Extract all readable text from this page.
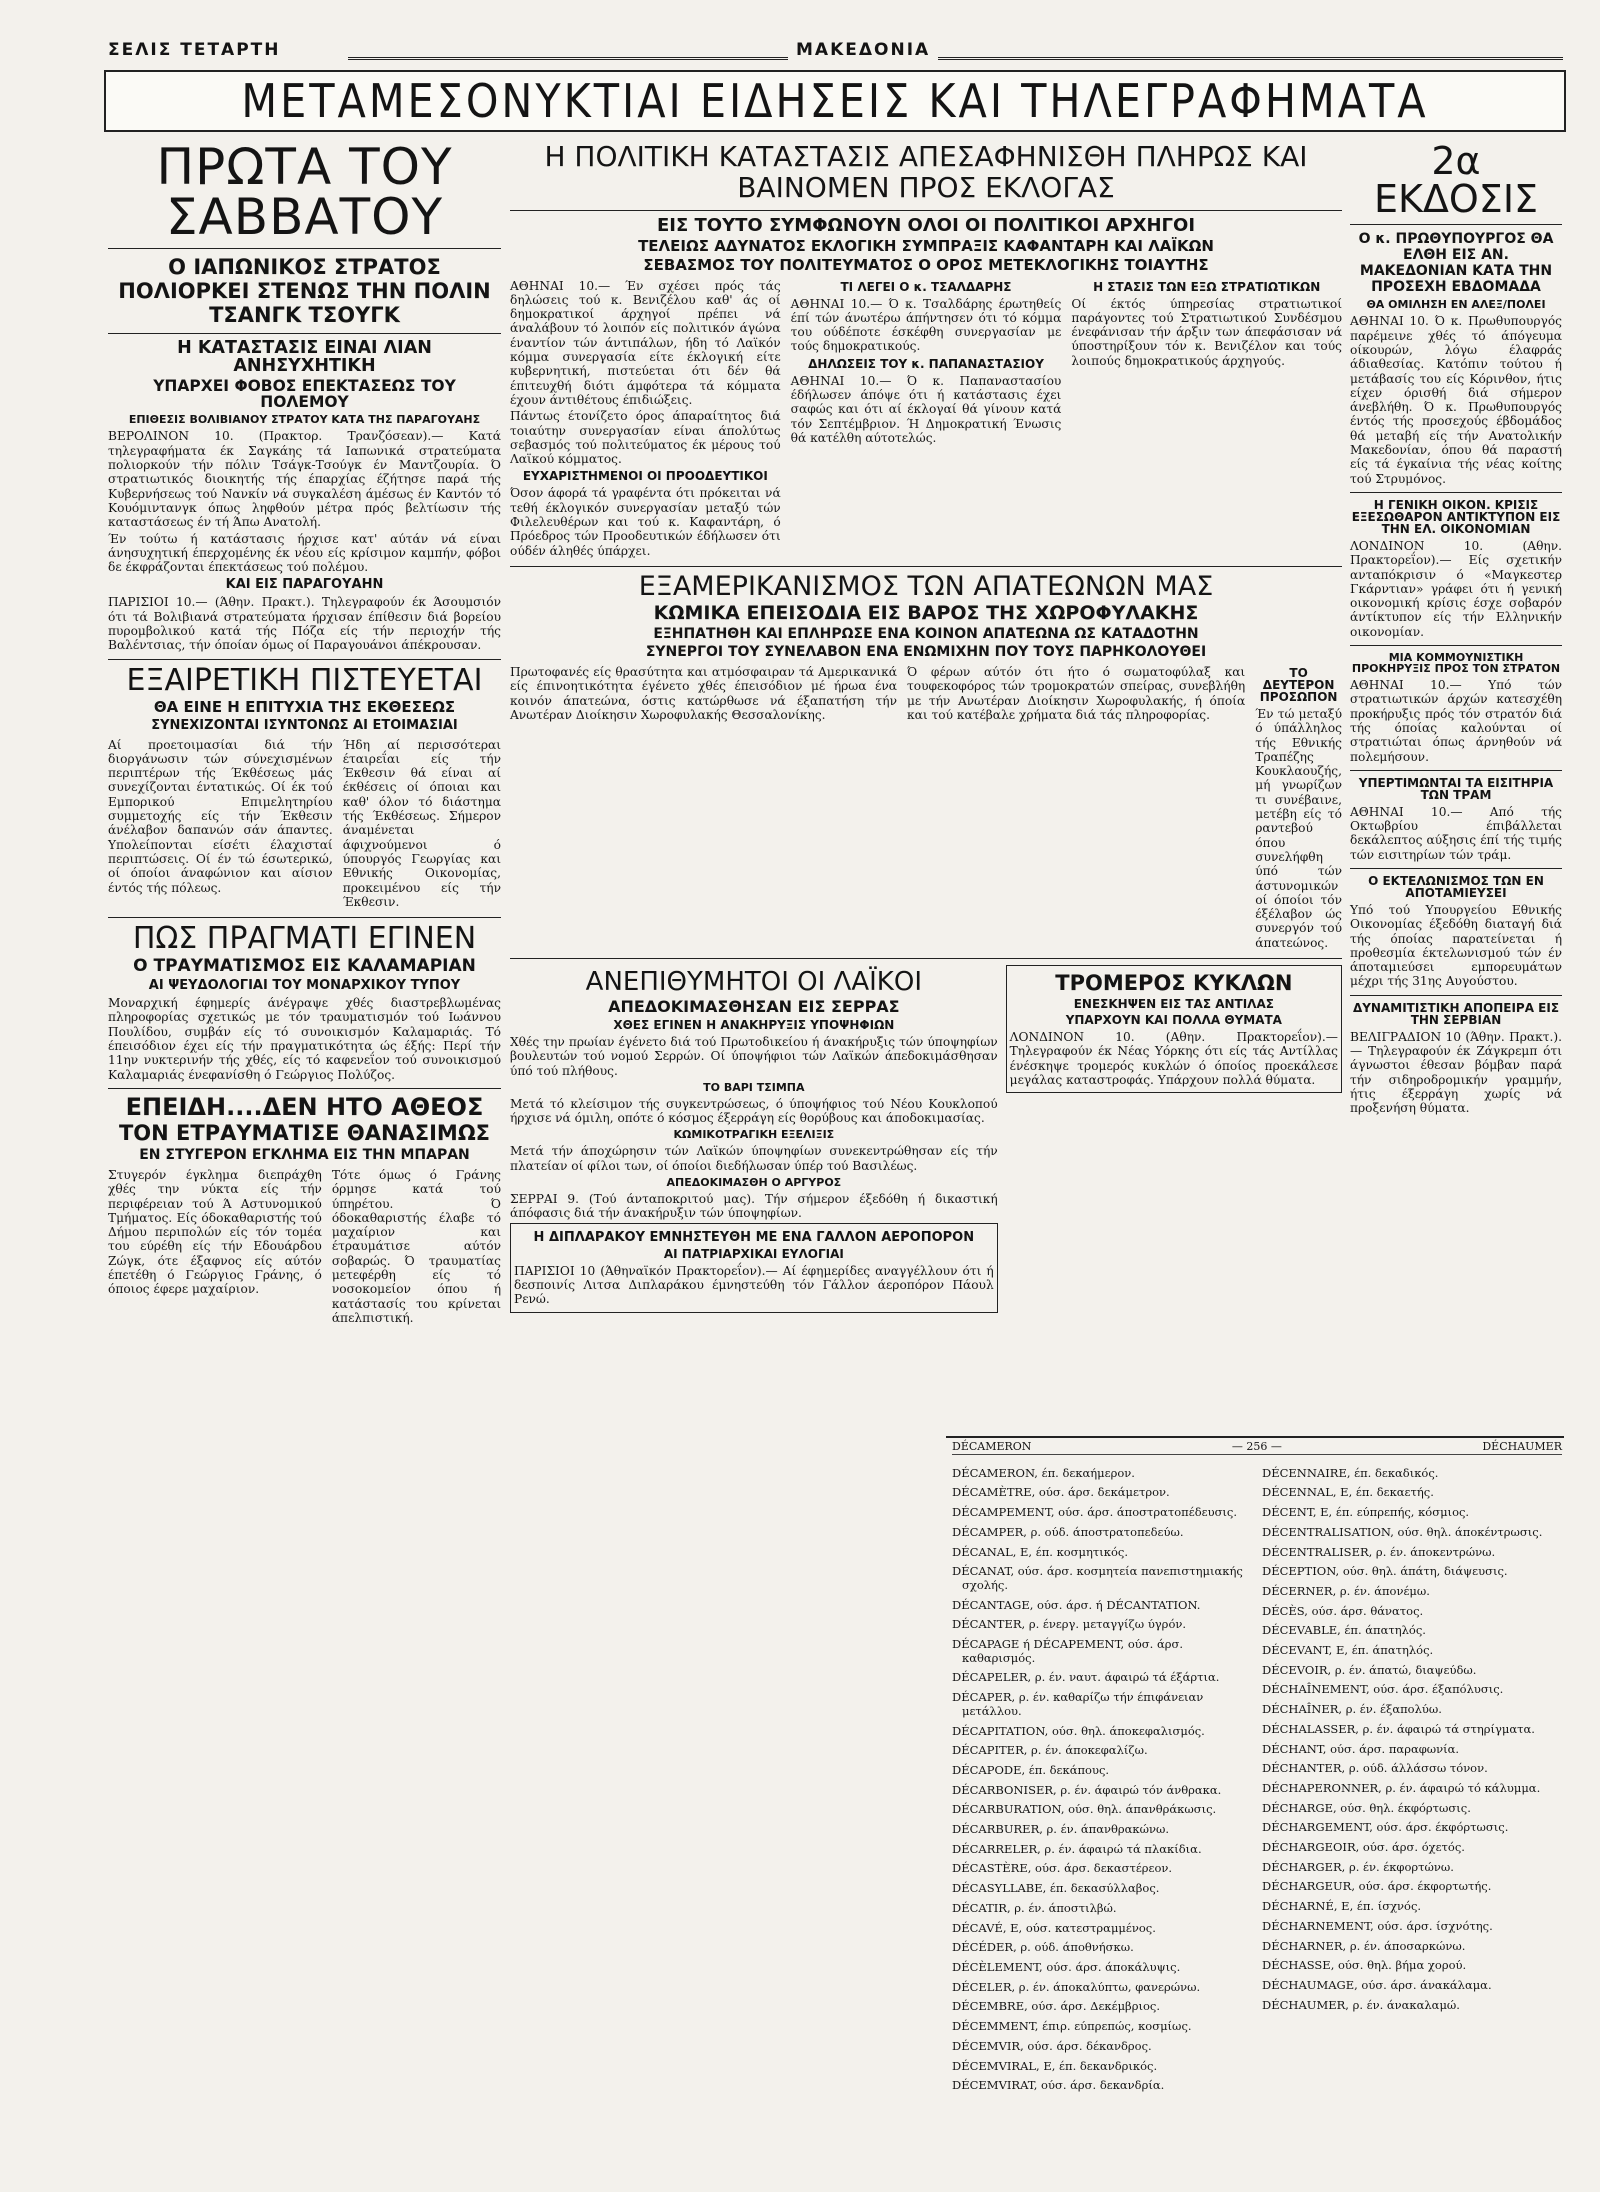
ΣΕΛΙΣ ΤΕΤΑΡΤΗ	ΜΑΚΕΔΟΝΙΑ
ΜΕΤΑΜΕΣΟΝΥΚΤΙΑΙ ΕΙΔΗΣΕΙΣ ΚΑΙ ΤΗΛΕΓΡΑΦΗΜΑΤΑ
ΠΡΩΤΑ ΤΟΥ ΣΑΒΒΑΤΟΥ
Ο ΙΑΠΩΝΙΚΟΣ ΣΤΡΑΤΟΣ ΠΟΛΙΟΡΚΕΙ ΣΤΕΝΩΣ ΤΗΝ ΠΟΛΙΝ ΤΣΑΝΓΚ ΤΣΟΥΓΚ
Η ΚΑΤΑΣΤΑΣΙΣ ΕΙΝΑΙ ΛΙΑΝ ΑΝΗΣΥΧΗΤΙΚΗ
ΥΠΑΡΧΕΙ ΦΟΒΟΣ ΕΠΕΚΤΑΣΕΩΣ ΤΟΥ ΠΟΛΕΜΟΥ
ΕΠΙΘΕΣΙΣ ΒΟΛΙΒΙΑΝΟΥ ΣΤΡΑΤΟΥ ΚΑΤΑ ΤΗΣ ΠΑΡΑΓΟΥΑΗΣ

ΒΕΡΟΛΙΝΟΝ 10. (Πρακτορ. Τρανζόσεαν).— Κατά τηλεγραφήματα έκ Σαγκάης τά Ιαπωνικά στρατεύματα πολιορκούν τήν πόλιν Τσάγκ-Τσούγκ έν Μαντζουρία. Ό στρατιωτικός διοικητής τής έπαρχίας έζήτησε παρά τής Κυβερνήσεως τού Νανκίν νά συγκαλέση άμέσως έν Καντόν τό Κουόμιντανγκ όπως ληφθούν μέτρα πρός βελτίωσιν τής καταστάσεως έν τή Άπω Ανατολή.

Έν τούτω ή κατάστασις ήρχισε κατ' αύτάν νά είναι άνησυχητική έπερχομένης έκ νέου είς κρίσιμον καμπήν, φόβοι δε έκφράζονται έπεκτάσεως τού πολέμου.

ΚΑΙ ΕΙΣ ΠΑΡΑΓΟΥΑΗΝ

ΠΑΡΙΣΙΟΙ 10.— (Άθην. Πρακτ.). Τηλεγραφούν έκ Άσουμσιόν ότι τά Βολιβιανά στρατεύματα ήρχισαν έπίθεσιν διά βορείου πυρομβολικού κατά τής Πόζα είς τήν περιοχήν τής Βαλέντσιας, τήν όποίαν όμως οί Παραγουάνοι άπέκρουσαν.

ΕΞΑΙΡΕΤΙΚΗ ΠΙΣΤΕΥΕΤΑΙ
ΘΑ ΕΙΝΕ Η ΕΠΙΤΥΧΙΑ ΤΗΣ ΕΚΘΕΣΕΩΣ
ΣΥΝΕΧΙΖΟΝΤΑΙ ΙΣΥΝΤΟΝΩΣ ΑΙ ΕΤΟΙΜΑΣΙΑΙ

Αί προετοιμασίαι διά τήν διοργάνωσιν τών σύνεχισμένων περιπτέρων τής Έκθέσεως μάς συνεχίζονται έντατικώς. Οί έκ τού Εμπορικού Επιμελητηρίου συμμετοχής είς τήν Έκθεσιν άνέλαβον δαπανών σάν άπαντες. Υπολείπονται είσέτι έλαχισταί περιπτώσεις. Οί έν τώ έσωτερικώ, οί όποίοι άναφώνιον και αίσιον έντός τής πόλεως.

Ήδη αί περισσότεραι έταιρεΐαι είς τήν Έκθεσιν θά είναι αί έκθέσεις οί όποιαι και καθ' όλον τό διάστημα τής Έκθέσεως. Σήμερον άναμένεται άφιχνούμενοι ό ύπουργός Γεωργίας και Εθνικής Οικονομίας, προκειμένου είς τήν Έκθεσιν.

ΠΩΣ ΠΡΑΓΜΑΤΙ ΕΓΙΝΕΝ
Ο ΤΡΑΥΜΑΤΙΣΜΟΣ ΕΙΣ ΚΑΛΑΜΑΡΙΑΝ
ΑΙ ΨΕΥΔΟΛΟΓΙΑΙ ΤΟΥ ΜΟΝΑΡΧΙΚΟΥ ΤΥΠΟΥ

Μοναρχική έφημερίς άνέγραψε χθές διαστρεβλωμένας πληροφορίας σχετικώς με τόν τραυματισμόν τού Ιωάννου Πουλίδου, συμβάν είς τό συνοικισμόν Καλαμαριάς. Τό έπεισόδιον έχει είς τήν πραγματικότητα ώς έξής: Περί τήν 11ην νυκτερινήν τής χθές, είς τό καφενεΐον τού συνοικισμού Καλαμαριάς ένεφανίσθη ό Γεώργιος Πολύζος.

ΕΠΕΙΔΗ....ΔΕΝ ΗΤΟ ΑΘΕΟΣ
ΤΟΝ ΕΤΡΑΥΜΑΤΙΣΕ ΘΑΝΑΣΙΜΩΣ
ΕΝ ΣΤΥΓΕΡΟΝ ΕΓΚΛΗΜΑ ΕΙΣ ΤΗΝ ΜΠΑΡΑΝ

Στυγερόν έγκλημα διεπράχθη χθές την νύκτα είς τήν περιφέρειαν τού Ά Αστυνομικού Τμήματος. Είς όδοκαθαριστής τού Δήμου περιπολών είς τόν τομέα του εύρέθη είς τήν Εδουάρδου Ζώγκ, ότε έξαφνος είς αύτόν έπετέθη ό Γεώργιος Γράνης, ό όποιος έφερε μαχαίριον.

Τότε όμως ό Γράνης όρμησε κατά τού ύπηρέτου. Ό όδοκαθαριστής έλαβε τό μαχαίριον και έτραυμάτισε αύτόν σοβαρώς. Ό τραυματίας μετεφέρθη είς τό νοσοκομείον όπου ή κατάστασίς του κρίνεται άπελπιστική.

Η ΠΟΛΙΤΙΚΗ ΚΑΤΑΣΤΑΣΙΣ ΑΠΕΣΑΦΗΝΙΣΘΗ ΠΛΗΡΩΣ ΚΑΙ ΒΑΙΝΟΜΕΝ ΠΡΟΣ ΕΚΛΟΓΑΣ
ΕΙΣ ΤΟΥΤΟ ΣΥΜΦΩΝΟΥΝ ΟΛΟΙ ΟΙ ΠΟΛΙΤΙΚΟΙ ΑΡΧΗΓΟΙ
ΤΕΛΕΙΩΣ ΑΔΥΝΑΤΟΣ ΕΚΛΟΓΙΚΗ ΣΥΜΠΡΑΞΙΣ ΚΑΦΑΝΤΑΡΗ ΚΑΙ ΛΑΪΚΩΝ
ΣΕΒΑΣΜΟΣ ΤΟΥ ΠΟΛΙΤΕΥΜΑΤΟΣ Ο ΟΡΟΣ ΜΕΤΕΚΛΟΓΙΚΗΣ ΤΟΙΑΥΤΗΣ

ΑΘΗΝΑΙ 10.— Έν σχέσει πρός τάς δηλώσεις τού κ. Βενιζέλου καθ' άς οί δημοκρατικοί άρχηγοί πρέπει νά άναλάβουν τό λοιπόν είς πολιτικόν άγώνα έναντίον τών άντιπάλων, ήδη τό Λαϊκόν κόμμα συνεργασία είτε έκλογική είτε κυβερνητική, πιστεύεται ότι δέν θά έπιτευχθή διότι άμφότερα τά κόμματα έχουν άντιθέτους έπιδιώξεις.

Πάντως έτονίζετο όρος άπαραίτητος διά τοιαύτην συνεργασίαν είναι άπολύτως σεβασμός τού πολιτεύματος έκ μέρους τού Λαϊκού κόμματος.

ΕΥΧΑΡΙΣΤΗΜΕΝΟΙ ΟΙ ΠΡΟΟΔΕΥΤΙΚΟΙ

Όσον άφορά τά γραφέντα ότι πρόκειται νά τεθή έκλογικόν συνεργασίαν μεταξύ τών Φιλελευθέρων και τού κ. Καφαντάρη, ό Πρόεδρος τών Προοδευτικών έδήλωσεν ότι ούδέν άληθές ύπάρχει.

ΤΙ ΛΕΓΕΙ Ο κ. ΤΣΑΛΔΑΡΗΣ

ΑΘΗΝΑΙ 10.— Ό κ. Τσαλδάρης έρωτηθείς έπί τών άνωτέρω άπήντησεν ότι τό κόμμα του ούδέποτε έσκέφθη συνεργασίαν με τούς δημοκρατικούς.

ΔΗΛΩΣΕΙΣ ΤΟΥ κ. ΠΑΠΑΝΑΣΤΑΣΙΟΥ

ΑΘΗΝΑΙ 10.— Ό κ. Παπαναστασίου έδήλωσεν άπόψε ότι ή κατάστασις έχει σαφώς και ότι αί έκλογαί θά γίνουν κατά τόν Σεπτέμβριον. Ή Δημοκρατική Ένωσις θά κατέλθη αύτοτελώς.

Η ΣΤΑΣΙΣ ΤΩΝ ΕΞΩ ΣΤΡΑΤΙΩΤΙΚΩΝ

Οί έκτός ύπηρεσίας στρατιωτικοί παράγοντες τού Στρατιωτικού Συνδέσμου ένεφάνισαν τήν άρξιν των άπεφάσισαν νά ύποστηρίξουν τόν κ. Βενιζέλον και τούς λοιπούς δημοκρατικούς άρχηγούς.

ΕΞΑΜΕΡΙΚΑΝΙΣΜΟΣ ΤΩΝ ΑΠΑΤΕΩΝΩΝ ΜΑΣ
ΚΩΜΙΚΑ ΕΠΕΙΣΟΔΙΑ ΕΙΣ ΒΑΡΟΣ ΤΗΣ ΧΩΡΟΦΥΛΑΚΗΣ
ΕΞΗΠΑΤΗΘΗ ΚΑΙ ΕΠΛΗΡΩΣΕ ΕΝΑ ΚΟΙΝΟΝ ΑΠΑΤΕΩΝΑ ΩΣ ΚΑΤΑΔΟΤΗΝ
ΣΥΝΕΡΓΟΙ ΤΟΥ ΣΥΝΕΛΑΒΟΝ ΕΝΑ ΕΝΩΜΙΧΗΝ ΠΟΥ ΤΟΥΣ ΠΑΡΗΚΟΛΟΥΘΕΙ

Πρωτοφανές είς θρασύτητα και ατμόσφαιραν τά Αμερικανικά είς έπινοητικότητα έγένετο χθές έπεισόδιον μέ ήρωα ένα κοινόν άπατεώνα, όστις κατώρθωσε νά έξαπατήση τήν Ανωτέραν Διοίκησιν Χωροφυλακής Θεσσαλονίκης.

Ό φέρων αύτόν ότι ήτο ό σωματοφύλαξ και τουφεκοφόρος τών τρομοκρατών σπείρας, συνεβλήθη με τήν Ανωτέραν Διοίκησιν Χωροφυλακής, ή όποία και τού κατέβαλε χρήματα διά τάς πληροφορίας.

ΤΟ ΔΕΥΤΕΡΟΝ ΠΡΟΣΩΠΟΝ

Έν τώ μεταξύ ό ύπάλληλος τής Εθνικής Τραπέζης Κουκλαουζής, μή γνωρίζων τι συνέβαινε, μετέβη είς τό ραντεβού όπου συνελήφθη ύπό τών άστυνομικών οί όποίοι τόν έξέλαβον ώς συνεργόν τού άπατεώνος.

ΑΝΕΠΙΘΥΜΗΤΟΙ ΟΙ ΛΑΪΚΟΙ
ΑΠΕΔΟΚΙΜΑΣΘΗΣΑΝ ΕΙΣ ΣΕΡΡΑΣ
ΧΘΕΣ ΕΓΙΝΕΝ Η ΑΝΑΚΗΡΥΞΙΣ ΥΠΟΨΗΦΙΩΝ

Χθές την πρωίαν έγένετο διά τού Πρωτοδικείου ή άνακήρυξις τών ύποψηφίων βουλευτών τού νομού Σερρών. Οί ύποψήφιοι τών Λαϊκών άπεδοκιμάσθησαν ύπό τού πλήθους.

ΤΟ ΒΑΡΙ ΤΣΙΜΠΑ

Μετά τό κλείσιμον τής συγκεντρώσεως, ό ύποψήφιος τού Νέου Κουκλοπού ήρχισε νά όμιλη, οπότε ό κόσμος έξερράγη είς θορύβους και άποδοκιμασίας.

ΚΩΜΙΚΟΤΡΑΓΙΚΗ ΕΞΕΛΙΞΙΣ

Μετά τήν άποχώρησιν τών Λαϊκών ύποψηφίων συνεκεντρώθησαν είς τήν πλατείαν οί φίλοι των, οί όποίοι διεδήλωσαν ύπέρ τού Βασιλέως.

ΑΠΕΔΟΚΙΜΑΣΘΗ Ο ΑΡΓΥΡΟΣ

ΣΕΡΡΑΙ 9. (Τού άνταποκριτού μας). Τήν σήμερον έξεδόθη ή δικαστική άπόφασις διά τήν άνακήρυξιν τών ύποψηφίων.

Η ΔΙΠΛΑΡΑΚΟΥ ΕΜΝΗΣΤΕΥΘΗ ΜΕ ΕΝΑ ΓΑΛΛΟΝ ΑΕΡΟΠΟΡΟΝ
ΑΙ ΠΑΤΡΙΑΡΧΙΚΑΙ ΕΥΛΟΓΙΑΙ

ΠΑΡΙΣΙΟΙ 10 (Άθηναϊκόν Πρακτορεΐον).— Αί έφημερίδες αναγγέλλουν ότι ή δεσποινίς Λιτσα Διπλαράκου έμνηστεύθη τόν Γάλλον άεροπόρον Πάουλ Ρενώ.

ΤΡΟΜΕΡΟΣ ΚΥΚΛΩΝ
ΕΝΕΣΚΗΨΕΝ ΕΙΣ ΤΑΣ ΑΝΤΙΛΑΣ
ΥΠΑΡΧΟΥΝ ΚΑΙ ΠΟΛΛΑ ΘΥΜΑΤΑ

ΛΟΝΔΙΝΟΝ 10. (Αθην. Πρακτορεΐον).— Τηλεγραφούν έκ Νέας Υόρκης ότι είς τάς Αντίλλας ένέσκηψε τρομερός κυκλών ό όποίος προεκάλεσε μεγάλας καταστροφάς. Υπάρχουν πολλά θύματα.

2α ΕΚΔΟΣΙΣ
Ο κ. ΠΡΩΘΥΠΟΥΡΓΟΣ ΘΑ ΕΛΘΗ ΕΙΣ ΑΝ. ΜΑΚΕΔΟΝΙΑΝ ΚΑΤΑ ΤΗΝ ΠΡΟΣΕΧΗ ΕΒΔΟΜΑΔΑ
ΘΑ ΟΜΙΛΗΣΗ ΕΝ ΑΛΕΞ/ΠΟΛΕΙ

ΑΘΗΝΑΙ 10. Ό κ. Πρωθυπουργός παρέμεινε χθές τό άπόγευμα οίκουρών, λόγω έλαφράς άδιαθεσίας. Κατόπιν τούτου ή μετάβασίς του είς Κόρινθον, ήτις είχεν όρισθή διά σήμερον άνεβλήθη. Ό κ. Πρωθυπουργός έντός τής προσεχούς έβδομάδος θά μεταβή είς τήν Ανατολικήν Μακεδονίαν, όπου θά παραστή είς τά έγκαίνια τής νέας κοίτης τού Στρυμόνος.

Η ΓΕΝΙΚΗ ΟΙΚΟΝ. ΚΡΙΣΙΣ ΕΞΕΣΩΘΑΡΟΝ ΑΝΤΙΚΤΥΠΟΝ ΕΙΣ ΤΗΝ ΕΛ. ΟΙΚΟΝΟΜΙΑΝ

ΛΟΝΔΙΝΟΝ 10. (Αθην. Πρακτορεΐον).— Είς σχετικήν ανταπόκρισιν ό «Μαγκεστερ Γκάρντιαν» γράφει ότι ή γενική οικονομική κρίσις έσχε σοβαρόν άντίκτυπον είς τήν Ελληνικήν οικονομίαν.

ΜΙΑ ΚΟΜΜΟΥΝΙΣΤΙΚΗ ΠΡΟΚΗΡΥΞΙΣ ΠΡΟΣ ΤΟΝ ΣΤΡΑΤΟΝ

ΑΘΗΝΑΙ 10.— Υπό τών στρατιωτικών άρχών κατεσχέθη προκήρυξις πρός τόν στρατόν διά τής όποίας καλούνται οί στρατιώται όπως άρνηθούν νά πολεμήσουν.

ΥΠΕΡΤΙΜΩΝΤΑΙ ΤΑ ΕΙΣΙΤΗΡΙΑ ΤΩΝ ΤΡΑΜ

ΑΘΗΝΑΙ 10.— Από τής Οκτωβρίου έπιβάλλεται δεκάλεπτος αύξησις έπί τής τιμής τών εισιτηρίων τών τράμ.

Ο ΕΚΤΕΛΩΝΙΣΜΟΣ ΤΩΝ ΕΝ ΑΠΟΤΑΜΙΕΥΣΕΙ

Υπό τού Υπουργείου Εθνικής Οικονομίας έξεδόθη διαταγή διά τής όποίας παρατείνεται ή προθεσμία έκτελωνισμού τών έν άποταμιεύσει εμπορευμάτων μέχρι τής 31ης Αυγούστου.

ΔΥΝΑΜΙΤΙΣΤΙΚΗ ΑΠΟΠΕΙΡΑ ΕΙΣ ΤΗΝ ΣΕΡΒΙΑΝ

ΒΕΛΙΓΡΑΔΙΟΝ 10 (Άθην. Πρακτ.).— Τηλεγραφούν έκ Ζάγκρεμπ ότι άγνωστοι έθεσαν βόμβαν παρά τήν σιδηροδρομικήν γραμμήν, ήτις έξερράγη χωρίς νά προξενήση θύματα.

DÉCAMERON	— 256 —	DÉCHAUMER
DÉCAMERON, έπ. δεκαήμερον.
DÉCAMÈTRE, ούσ. άρσ. δεκάμετρον.
DÉCAMPEMENT, ούσ. άρσ. άποστρατοπέδευσις.
DÉCAMPER, ρ. ούδ. άποστρατοπεδεύω.
DÉCANAL, E, έπ. κοσμητικός.
DÉCANAT, ούσ. άρσ. κοσμητεία πανεπιστημιακής σχολής.
DÉCANTAGE, ούσ. άρσ. ή DÉCANTATION.
DÉCANTER, ρ. ένεργ. μεταγγίζω ύγρόν.
DÉCAPAGE ή DÉCAPEMENT, ούσ. άρσ. καθαρισμός.
DÉCAPELER, ρ. έν. ναυτ. άφαιρώ τά έξάρτια.
DÉCAPER, ρ. έν. καθαρίζω τήν έπιφάνειαν μετάλλου.
DÉCAPITATION, ούσ. θηλ. άποκεφαλισμός.
DÉCAPITER, ρ. έν. άποκεφαλίζω.
DÉCAPODE, έπ. δεκάπους.
DÉCARBONISER, ρ. έν. άφαιρώ τόν άνθρακα.
DÉCARBURATION, ούσ. θηλ. άπανθράκωσις.
DÉCARBURER, ρ. έν. άπανθρακώνω.
DÉCARRELER, ρ. έν. άφαιρώ τά πλακίδια.
DÉCASTÈRE, ούσ. άρσ. δεκαστέρεον.
DÉCASYLLABE, έπ. δεκασύλλαβος.
DÉCATIR, ρ. έν. άποστιλβώ.
DÉCAVÉ, E, ούσ. κατεστραμμένος.
DÉCÉDER, ρ. ούδ. άποθνήσκω.
DÉCÈLEMENT, ούσ. άρσ. άποκάλυψις.
DÉCELER, ρ. έν. άποκαλύπτω, φανερώνω.
DÉCEMBRE, ούσ. άρσ. Δεκέμβριος.
DÉCEMMENT, έπιρ. εύπρεπώς, κοσμίως.
DÉCEMVIR, ούσ. άρσ. δέκανδρος.
DÉCEMVIRAL, E, έπ. δεκανδρικός.
DÉCEMVIRAT, ούσ. άρσ. δεκανδρία.
DÉCENNAIRE, έπ. δεκαδικός.
DÉCENNAL, E, έπ. δεκαετής.
DÉCENT, E, έπ. εύπρεπής, κόσμιος.
DÉCENTRALISATION, ούσ. θηλ. άποκέντρωσις.
DÉCENTRALISER, ρ. έν. άποκεντρώνω.
DÉCEPTION, ούσ. θηλ. άπάτη, διάψευσις.
DÉCERNER, ρ. έν. άπονέμω.
DÉCÈS, ούσ. άρσ. θάνατος.
DÉCEVABLE, έπ. άπατηλός.
DÉCEVANT, E, έπ. άπατηλός.
DÉCEVOIR, ρ. έν. άπατώ, διαψεύδω.
DÉCHAÎNEMENT, ούσ. άρσ. έξαπόλυσις.
DÉCHAÎNER, ρ. έν. έξαπολύω.
DÉCHALASSER, ρ. έν. άφαιρώ τά στηρίγματα.
DÉCHANT, ούσ. άρσ. παραφωνία.
DÉCHANTER, ρ. ούδ. άλλάσσω τόνον.
DÉCHAPERONNER, ρ. έν. άφαιρώ τό κάλυμμα.
DÉCHARGE, ούσ. θηλ. έκφόρτωσις.
DÉCHARGEMENT, ούσ. άρσ. έκφόρτωσις.
DÉCHARGEOIR, ούσ. άρσ. όχετός.
DÉCHARGER, ρ. έν. έκφορτώνω.
DÉCHARGEUR, ούσ. άρσ. έκφορτωτής.
DÉCHARNÉ, E, έπ. ίσχνός.
DÉCHARNEMENT, ούσ. άρσ. ίσχνότης.
DÉCHARNER, ρ. έν. άποσαρκώνω.
DÉCHASSE, ούσ. θηλ. βήμα χορού.
DÉCHAUMAGE, ούσ. άρσ. άνακάλαμα.
DÉCHAUMER, ρ. έν. άνακαλαμώ.
